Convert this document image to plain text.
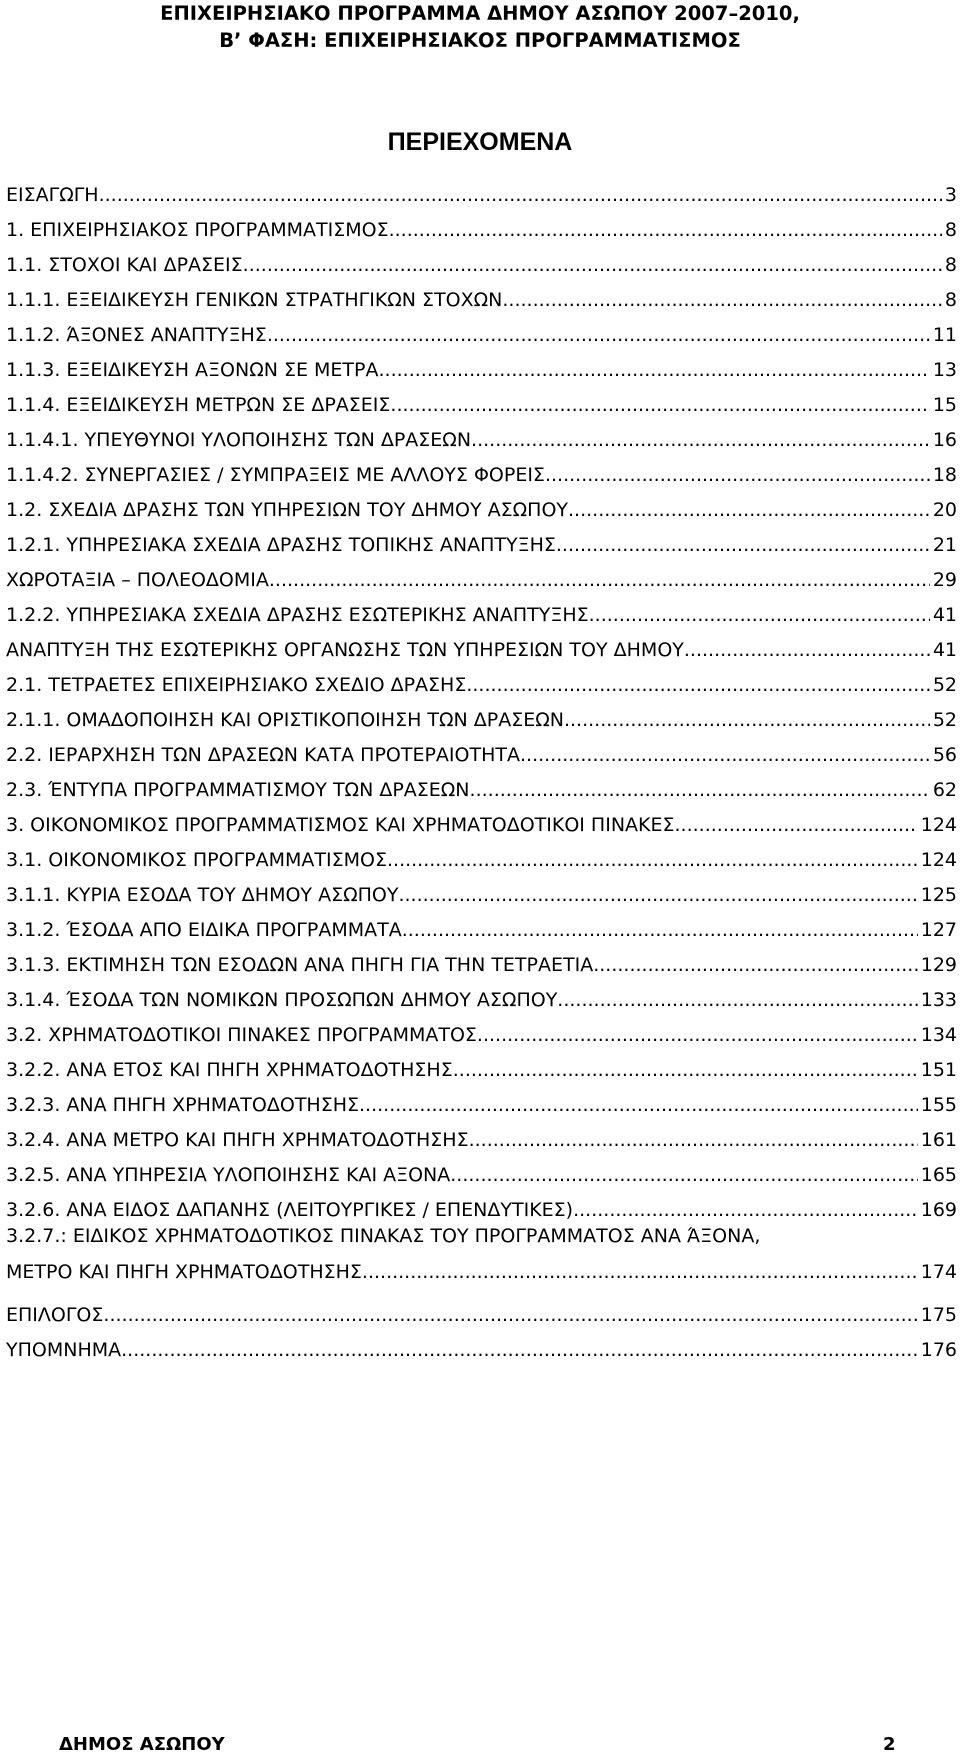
ΕΠΙΧΕΙΡΗΣΙΑΚΟ ΠΡΟΓΡΑΜΜΑ ΔΗΜΟΥ ΑΣΩΠΟΥ 2007–2010,
Β’ ΦΑΣΗ: ΕΠΙΧΕΙΡΗΣΙΑΚΟΣ ΠΡΟΓΡΑΜΜΑΤΙΣΜΟΣ
ΠΕΡΙΕΧΟΜΕΝΑ
ΕΙΣΑΓΩΓΗ .....	3
1. ΕΠΙΧΕΙΡΗΣΙΑΚΟΣ ΠΡΟΓΡΑΜΜΑΤΙΣΜΟΣ .....	8
1.1. ΣΤΟΧΟΙ ΚΑΙ ΔΡΑΣΕΙΣ .....	8
1.1.1. ΕΞΕΙΔΙΚΕΥΣΗ ΓΕΝΙΚΩΝ ΣΤΡΑΤΗΓΙΚΩΝ ΣΤΟΧΩΝ .....	8
1.1.2. ΆΞΟΝΕΣ ΑΝΑΠΤΥΞΗΣ .....	11
1.1.3. ΕΞΕΙΔΙΚΕΥΣΗ ΑΞΟΝΩΝ ΣΕ ΜΕΤΡΑ .....	13
1.1.4. ΕΞΕΙΔΙΚΕΥΣΗ ΜΕΤΡΩΝ ΣΕ ΔΡΑΣΕΙΣ .....	15
1.1.4.1. ΥΠΕΥΘΥΝΟΙ ΥΛΟΠΟΙΗΣΗΣ ΤΩΝ ΔΡΑΣΕΩΝ .....	16
1.1.4.2. ΣΥΝΕΡΓΑΣΙΕΣ / ΣΥΜΠΡΑΞΕΙΣ ΜΕ ΑΛΛΟΥΣ ΦΟΡΕΙΣ .....	18
1.2. ΣΧΕΔΙΑ ΔΡΑΣΗΣ ΤΩΝ ΥΠΗΡΕΣΙΩΝ ΤΟΥ ΔΗΜΟΥ ΑΣΩΠΟΥ .....	20
1.2.1. ΥΠΗΡΕΣΙΑΚΑ ΣΧΕΔΙΑ ΔΡΑΣΗΣ ΤΟΠΙΚΗΣ ΑΝΑΠΤΥΞΗΣ .....	21
ΧΩΡΟΤΑΞΙΑ – ΠΟΛΕΟΔΟΜΙΑ .....	29
1.2.2. ΥΠΗΡΕΣΙΑΚΑ ΣΧΕΔΙΑ ΔΡΑΣΗΣ ΕΣΩΤΕΡΙΚΗΣ ΑΝΑΠΤΥΞΗΣ .....	41
ΑΝΑΠΤΥΞΗ ΤΗΣ ΕΣΩΤΕΡΙΚΗΣ ΟΡΓΑΝΩΣΗΣ ΤΩΝ ΥΠΗΡΕΣΙΩΝ ΤΟΥ ΔΗΜΟΥ .....	41
2.1. ΤΕΤΡΑΕΤΕΣ ΕΠΙΧΕΙΡΗΣΙΑΚΟ ΣΧΕΔΙΟ ΔΡΑΣΗΣ .....	52
2.1.1. ΟΜΑΔΟΠΟΙΗΣΗ ΚΑΙ ΟΡΙΣΤΙΚΟΠΟΙΗΣΗ ΤΩΝ ΔΡΑΣΕΩΝ .....	52
2.2. ΙΕΡΑΡΧΗΣΗ ΤΩΝ ΔΡΑΣΕΩΝ ΚΑΤΑ ΠΡΟΤΕΡΑΙΟΤΗΤΑ .....	56
2.3. ΈΝΤΥΠΑ ΠΡΟΓΡΑΜΜΑΤΙΣΜΟΥ ΤΩΝ ΔΡΑΣΕΩΝ .....	62
3. ΟΙΚΟΝΟΜΙΚΟΣ ΠΡΟΓΡΑΜΜΑΤΙΣΜΟΣ ΚΑΙ ΧΡΗΜΑΤΟΔΟΤΙΚΟΙ ΠΙΝΑΚΕΣ .....	124
3.1. ΟΙΚΟΝΟΜΙΚΟΣ ΠΡΟΓΡΑΜΜΑΤΙΣΜΟΣ .....	124
3.1.1. ΚΥΡΙΑ ΕΣΟΔΑ ΤΟΥ ΔΗΜΟΥ ΑΣΩΠΟΥ .....	125
3.1.2. ΈΣΟΔΑ ΑΠΟ ΕΙΔΙΚΑ ΠΡΟΓΡΑΜΜΑΤΑ .....	127
3.1.3. ΕΚΤΙΜΗΣΗ ΤΩΝ ΕΣΟΔΩΝ ΑΝΑ ΠΗΓΗ ΓΙΑ ΤΗΝ ΤΕΤΡΑΕΤΙΑ .....	129
3.1.4. ΈΣΟΔΑ ΤΩΝ ΝΟΜΙΚΩΝ ΠΡΟΣΩΠΩΝ ΔΗΜΟΥ ΑΣΩΠΟΥ. .....	133
3.2. ΧΡΗΜΑΤΟΔΟΤΙΚΟΙ ΠΙΝΑΚΕΣ ΠΡΟΓΡΑΜΜΑΤΟΣ. .....	134
3.2.2. ΑΝΑ ΕΤΟΣ ΚΑΙ ΠΗΓΗ ΧΡΗΜΑΤΟΔΟΤΗΣΗΣ .....	151
3.2.3. ΑΝΑ ΠΗΓΗ ΧΡΗΜΑΤΟΔΟΤΗΣΗΣ .....	155
3.2.4. ΑΝΑ ΜΕΤΡΟ ΚΑΙ ΠΗΓΗ ΧΡΗΜΑΤΟΔΟΤΗΣΗΣ .....	161
3.2.5. ΑΝΑ ΥΠΗΡΕΣΙΑ ΥΛΟΠΟΙΗΣΗΣ ΚΑΙ ΑΞΟΝΑ .....	165
3.2.6. ΑΝΑ ΕΙΔΟΣ ΔΑΠΑΝΗΣ (ΛΕΙΤΟΥΡΓΙΚΕΣ / ΕΠΕΝΔΥΤΙΚΕΣ) .....	169
3.2.7.: ΕΙΔΙΚΟΣ ΧΡΗΜΑΤΟΔΟΤΙΚΟΣ ΠΙΝΑΚΑΣ ΤΟΥ ΠΡΟΓΡΑΜΜΑΤΟΣ ΑΝΑ ΆΞΟΝΑ,
ΜΕΤΡΟ ΚΑΙ ΠΗΓΗ ΧΡΗΜΑΤΟΔΟΤΗΣΗΣ .....	174
ΕΠΙΛΟΓΟΣ .....	175
ΥΠΟΜΝΗΜΑ .....	176
ΔΗΜΟΣ ΑΣΩΠΟΥ	2
